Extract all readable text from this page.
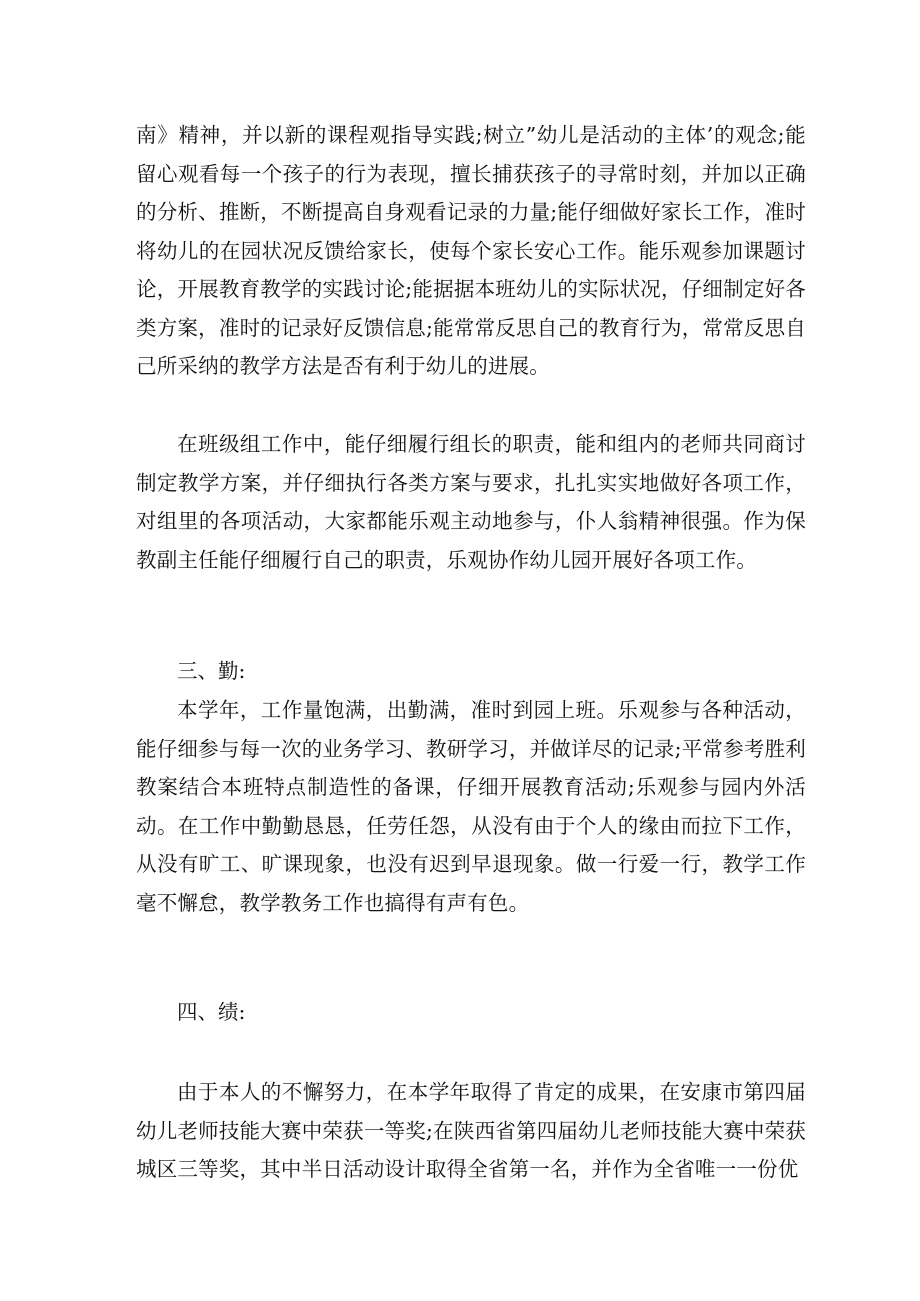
南》精神，并以新的课程观指导实践;树立”幼儿是活动的主体’的观念;能留心观看每一个孩子的行为表现，擅长捕获孩子的寻常时刻，并加以正确的分析、推断，不断提高自身观看记录的力量;能仔细做好家长工作，准时将幼儿的在园状况反馈给家长，使每个家长安心工作。能乐观参加课题讨论，开展教育教学的实践讨论;能据据本班幼儿的实际状况，仔细制定好各类方案，准时的记录好反馈信息;能常常反思自己的教育行为，常常反思自己所采纳的教学方法是否有利于幼儿的进展。

在班级组工作中，能仔细履行组长的职责，能和组内的老师共同商讨制定教学方案，并仔细执行各类方案与要求，扎扎实实地做好各项工作，对组里的各项活动，大家都能乐观主动地参与，仆人翁精神很强。作为保教副主任能仔细履行自己的职责，乐观协作幼儿园开展好各项工作。

三、勤:

本学年，工作量饱满，出勤满，准时到园上班。乐观参与各种活动，能仔细参与每一次的业务学习、教研学习，并做详尽的记录;平常参考胜利教案结合本班特点制造性的备课，仔细开展教育活动;乐观参与园内外活动。在工作中勤勤恳恳，任劳任怨，从没有由于个人的缘由而拉下工作，从没有旷工、旷课现象，也没有迟到早退现象。做一行爱一行，教学工作毫不懈怠，教学教务工作也搞得有声有色。

四、绩:

由于本人的不懈努力，在本学年取得了肯定的成果，在安康市第四届幼儿老师技能大赛中荣获一等奖;在陕西省第四届幼儿老师技能大赛中荣获城区三等奖，其中半日活动设计取得全省第一名，并作为全省唯一一份优
